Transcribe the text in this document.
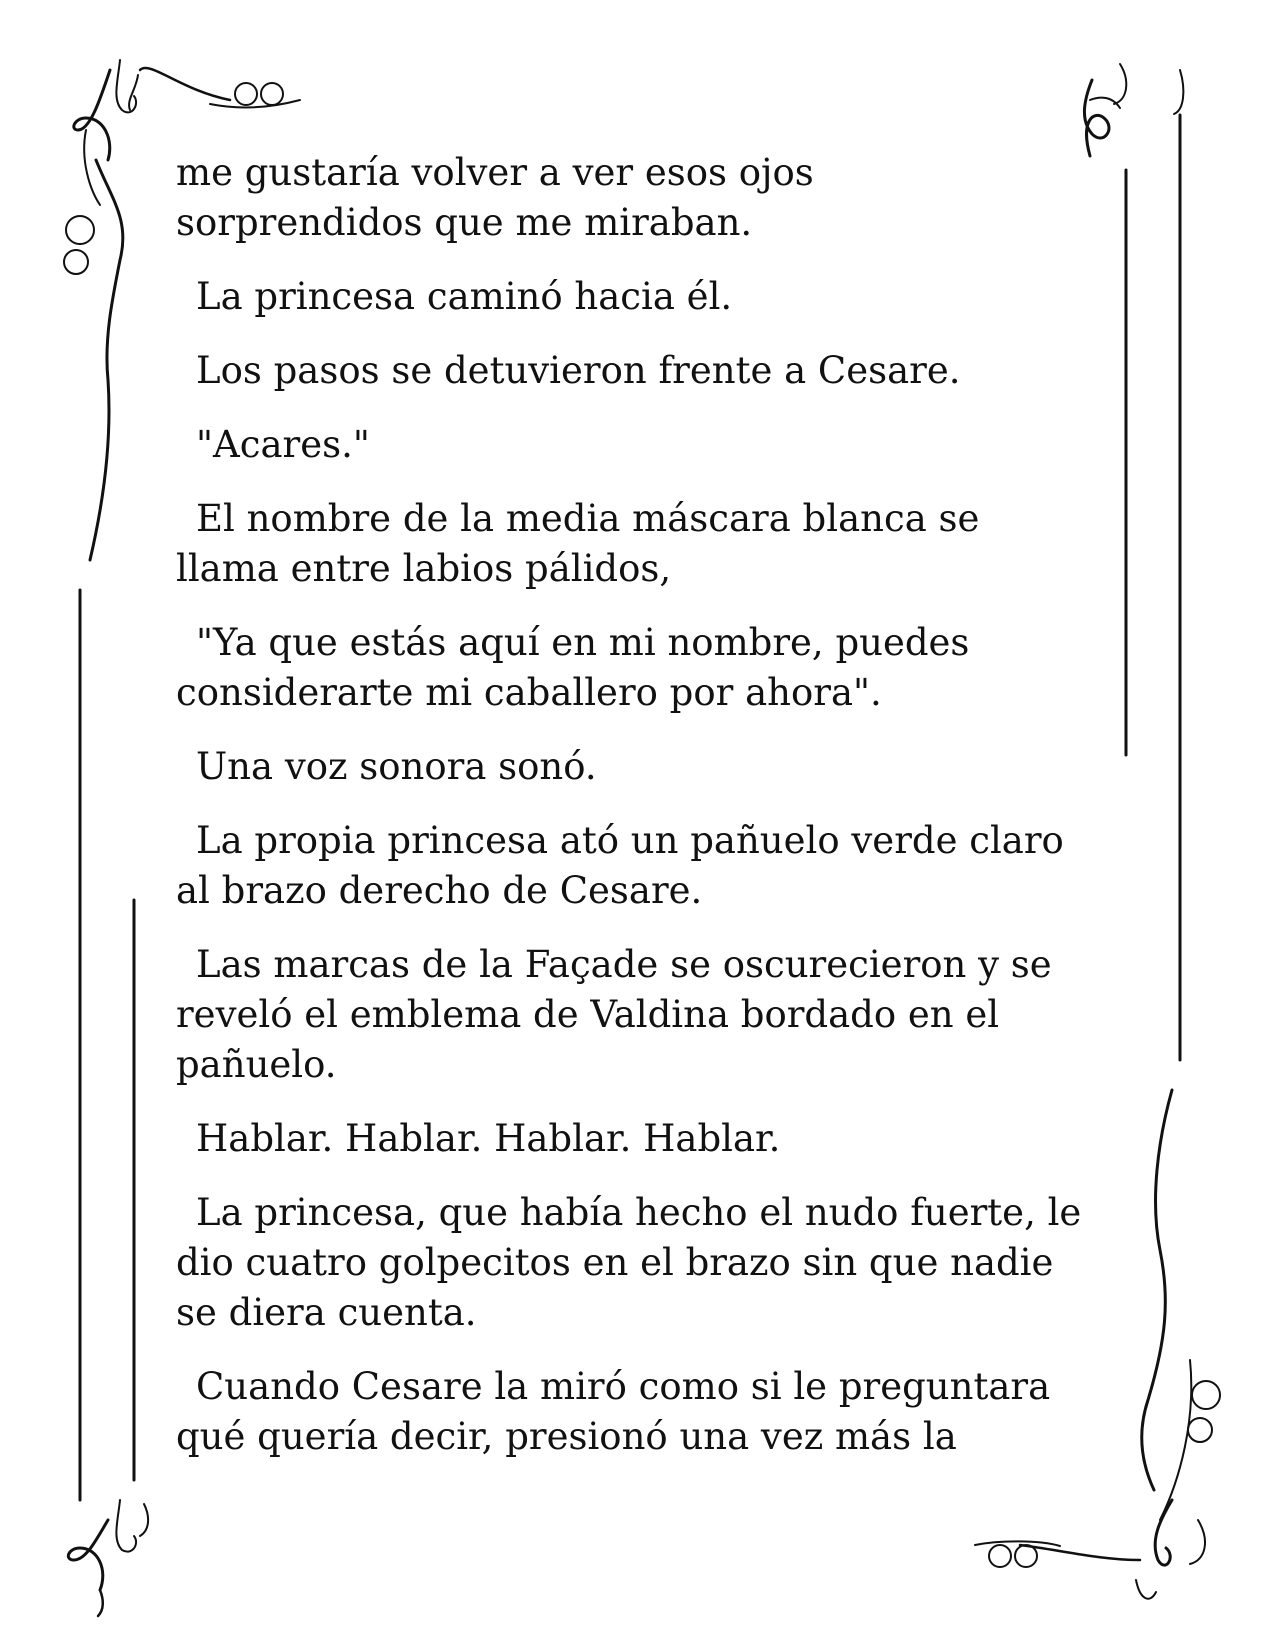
me gustaría volver a ver esos ojos
sorprendidos que me miraban.

La princesa caminó hacia él.

Los pasos se detuvieron frente a Cesare.

"Acares."

El nombre de la media máscara blanca se
llama entre labios pálidos,

"Ya que estás aquí en mi nombre, puedes
considerarte mi caballero por ahora".

Una voz sonora sonó.

La propia princesa ató un pañuelo verde claro
al brazo derecho de Cesare.

Las marcas de la Façade se oscurecieron y se
reveló el emblema de Valdina bordado en el
pañuelo.

Hablar. Hablar. Hablar. Hablar.

La princesa, que había hecho el nudo fuerte, le
dio cuatro golpecitos en el brazo sin que nadie
se diera cuenta.

Cuando Cesare la miró como si le preguntara
qué quería decir, presionó una vez más la
